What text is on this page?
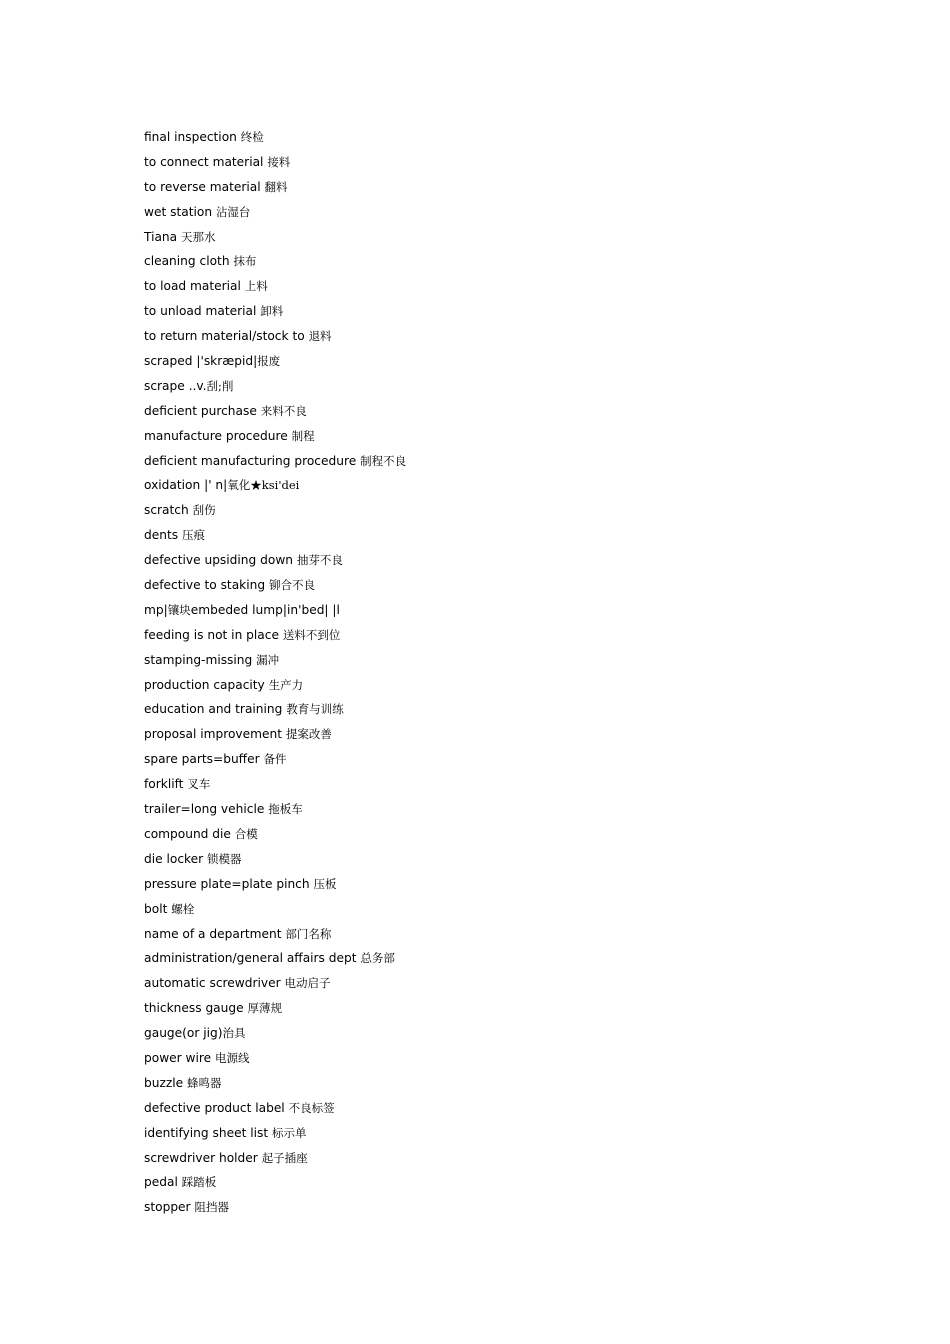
final inspection 终检
to connect material 接料
to reverse material 翻料
wet station 沾湿台
Tiana 天那水
cleaning cloth 抹布
to load material 上料
to unload material 卸料
to return material/stock to 退料
scraped |'skræpid|报废
scrape ..v.刮;削
deficient purchase 来料不良
manufacture procedure 制程
deficient manufacturing procedure 制程不良
oxidation |' n|氧化★ksi'dei
scratch 刮伤
dents 压痕
defective upsiding down 抽芽不良
defective to staking 铆合不良
mp|镶块embeded lump|in'bed| |l
feeding is not in place 送料不到位
stamping-missing 漏冲
production capacity 生产力
education and training 教育与训练
proposal improvement 提案改善
spare parts=buffer 备件
forklift 叉车
trailer=long vehicle 拖板车
compound die 合模
die locker 锁模器
pressure plate=plate pinch 压板
bolt 螺栓
name of a department 部门名称
administration/general affairs dept 总务部
automatic screwdriver 电动启子
thickness gauge 厚薄规
gauge(or jig)治具
power wire 电源线
buzzle 蜂鸣器
defective product label 不良标签
identifying sheet list 标示单
screwdriver holder 起子插座
pedal 踩踏板
stopper 阻挡器
